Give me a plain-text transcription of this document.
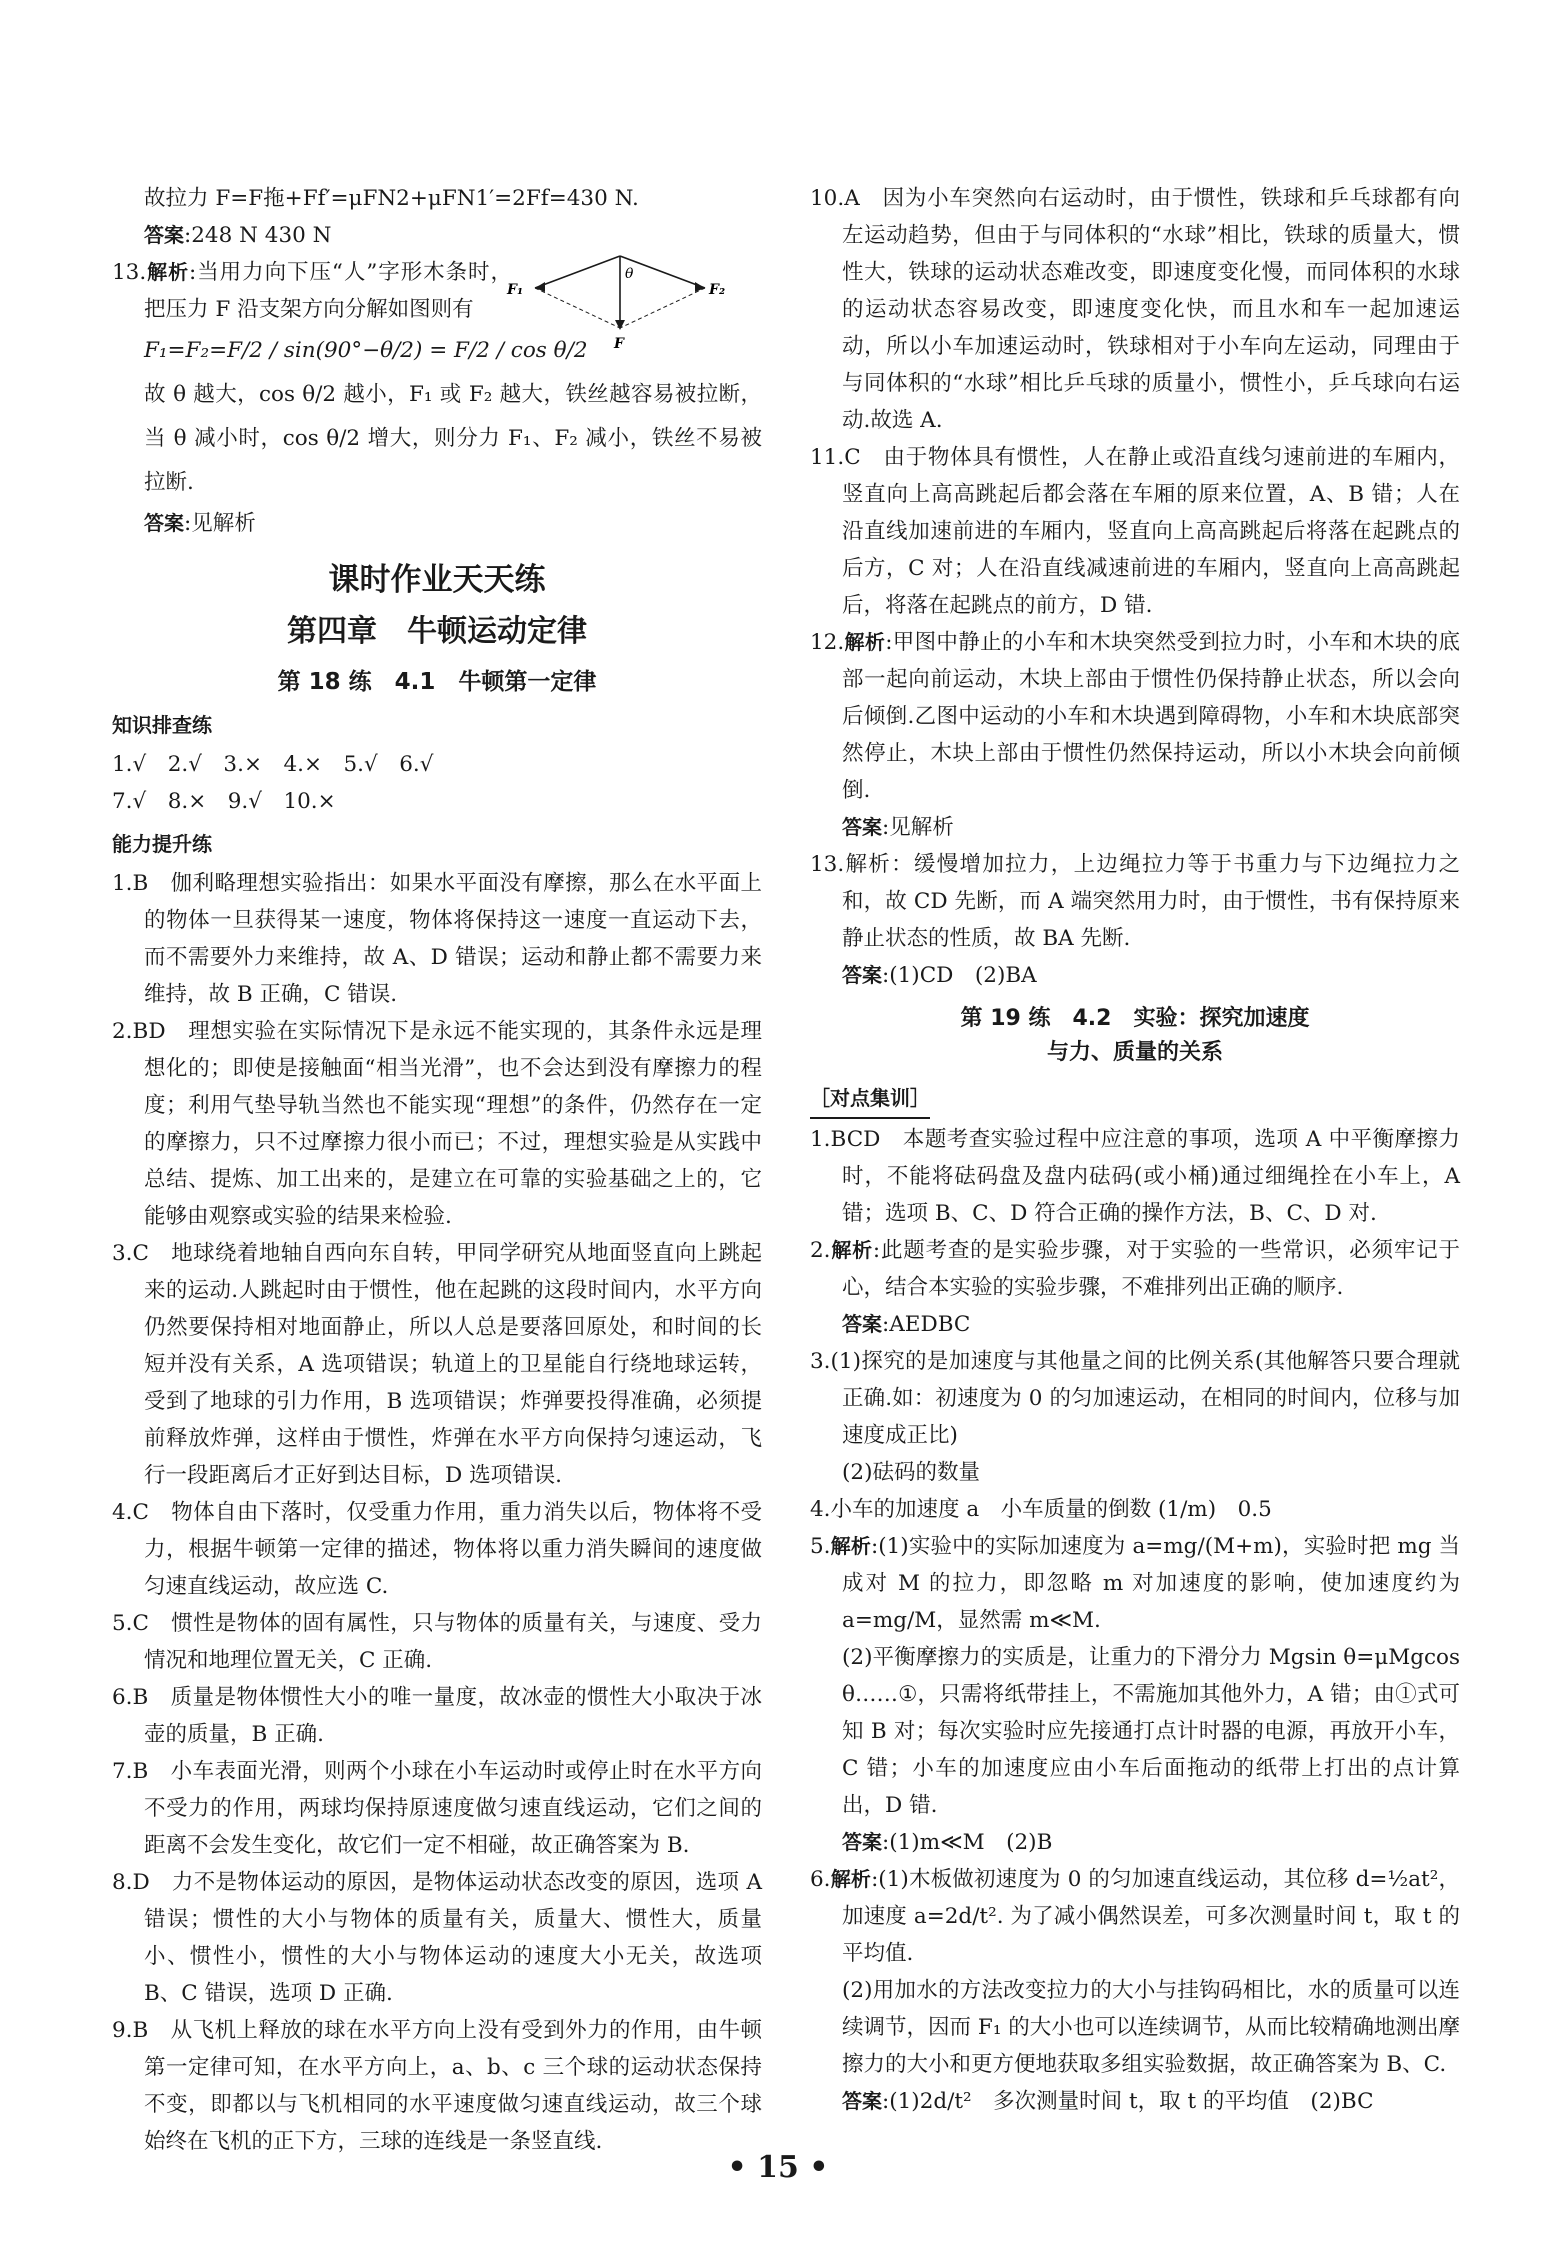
故拉力 F=F拖+Ff′=μFN2+μFN1′=2Ff=430 N.

答案:248 N 430 N

13.解析:当用力向下压“人”字形木条时，把压力 F 沿支架方向分解如图则有

F₁=F₂=F/2 / sin(90°−θ/2) = F/2 / cos θ/2

故 θ 越大，cos θ/2 越小，F₁ 或 F₂ 越大，铁丝越容易被拉断，当 θ 减小时，cos θ/2 增大，则分力 F₁、F₂ 减小，铁丝不易被拉断.

答案:见解析

课时作业天天练
第四章　牛顿运动定律
第 18 练　4.1　牛顿第一定律
知识排查练

1.√　2.√　3.×　4.×　5.√　6.√

7.√　8.×　9.√　10.×

能力提升练

1.B　伽利略理想实验指出：如果水平面没有摩擦，那么在水平面上的物体一旦获得某一速度，物体将保持这一速度一直运动下去，而不需要外力来维持，故 A、D 错误；运动和静止都不需要力来维持，故 B 正确，C 错误.

2.BD　理想实验在实际情况下是永远不能实现的，其条件永远是理想化的；即使是接触面“相当光滑”，也不会达到没有摩擦力的程度；利用气垫导轨当然也不能实现“理想”的条件，仍然存在一定的摩擦力，只不过摩擦力很小而已；不过，理想实验是从实践中总结、提炼、加工出来的，是建立在可靠的实验基础之上的，它能够由观察或实验的结果来检验.

3.C　地球绕着地轴自西向东自转，甲同学研究从地面竖直向上跳起来的运动.人跳起时由于惯性，他在起跳的这段时间内，水平方向仍然要保持相对地面静止，所以人总是要落回原处，和时间的长短并没有关系，A 选项错误；轨道上的卫星能自行绕地球运转，受到了地球的引力作用，B 选项错误；炸弹要投得准确，必须提前释放炸弹，这样由于惯性，炸弹在水平方向保持匀速运动，飞行一段距离后才正好到达目标，D 选项错误.

4.C　物体自由下落时，仅受重力作用，重力消失以后，物体将不受力，根据牛顿第一定律的描述，物体将以重力消失瞬间的速度做匀速直线运动，故应选 C.

5.C　惯性是物体的固有属性，只与物体的质量有关，与速度、受力情况和地理位置无关，C 正确.

6.B　质量是物体惯性大小的唯一量度，故冰壶的惯性大小取决于冰壶的质量，B 正确.

7.B　小车表面光滑，则两个小球在小车运动时或停止时在水平方向不受力的作用，两球均保持原速度做匀速直线运动，它们之间的距离不会发生变化，故它们一定不相碰，故正确答案为 B.

8.D　力不是物体运动的原因，是物体运动状态改变的原因，选项 A 错误；惯性的大小与物体的质量有关，质量大、惯性大，质量小、惯性小，惯性的大小与物体运动的速度大小无关，故选项 B、C 错误，选项 D 正确.

9.B　从飞机上释放的球在水平方向上没有受到外力的作用，由牛顿第一定律可知，在水平方向上，a、b、c 三个球的运动状态保持不变，即都以与飞机相同的水平速度做匀速直线运动，故三个球始终在飞机的正下方，三球的连线是一条竖直线.

θ
F₁	F₂
F

10.A　因为小车突然向右运动时，由于惯性，铁球和乒乓球都有向左运动趋势，但由于与同体积的“水球”相比，铁球的质量大，惯性大，铁球的运动状态难改变，即速度变化慢，而同体积的水球的运动状态容易改变，即速度变化快，而且水和车一起加速运动，所以小车加速运动时，铁球相对于小车向左运动，同理由于与同体积的“水球”相比乒乓球的质量小，惯性小，乒乓球向右运动.故选 A.

11.C　由于物体具有惯性，人在静止或沿直线匀速前进的车厢内，竖直向上高高跳起后都会落在车厢的原来位置，A、B 错；人在沿直线加速前进的车厢内，竖直向上高高跳起后将落在起跳点的后方，C 对；人在沿直线减速前进的车厢内，竖直向上高高跳起后，将落在起跳点的前方，D 错.

12.解析:甲图中静止的小车和木块突然受到拉力时，小车和木块的底部一起向前运动，木块上部由于惯性仍保持静止状态，所以会向后倾倒.乙图中运动的小车和木块遇到障碍物，小车和木块底部突然停止，木块上部由于惯性仍然保持运动，所以小木块会向前倾倒.

答案:见解析

13.解析：缓慢增加拉力，上边绳拉力等于书重力与下边绳拉力之和，故 CD 先断，而 A 端突然用力时，由于惯性，书有保持原来静止状态的性质，故 BA 先断.

答案:(1)CD　(2)BA

第 19 练　4.2　实验：探究加速度
与力、质量的关系
［对点集训］

1.BCD　本题考查实验过程中应注意的事项，选项 A 中平衡摩擦力时，不能将砝码盘及盘内砝码(或小桶)通过细绳拴在小车上，A 错；选项 B、C、D 符合正确的操作方法，B、C、D 对.

2.解析:此题考查的是实验步骤，对于实验的一些常识，必须牢记于心，结合本实验的实验步骤，不难排列出正确的顺序.

答案:AEDBC

3.(1)探究的是加速度与其他量之间的比例关系(其他解答只要合理就正确.如：初速度为 0 的匀加速运动，在相同的时间内，位移与加速度成正比)

(2)砝码的数量

4.小车的加速度 a　小车质量的倒数 (1/m)　0.5

5.解析:(1)实验中的实际加速度为 a=mg/(M+m)，实验时把 mg 当成对 M 的拉力，即忽略 m 对加速度的影响，使加速度约为 a=mg/M，显然需 m≪M.

(2)平衡摩擦力的实质是，让重力的下滑分力 Mgsin θ=μMgcos θ……①，只需将纸带挂上，不需施加其他外力，A 错；由①式可知 B 对；每次实验时应先接通打点计时器的电源，再放开小车，C 错；小车的加速度应由小车后面拖动的纸带上打出的点计算出，D 错.

答案:(1)m≪M　(2)B

6.解析:(1)木板做初速度为 0 的匀加速直线运动，其位移 d=½at²，加速度 a=2d/t². 为了减小偶然误差，可多次测量时间 t，取 t 的平均值.

(2)用加水的方法改变拉力的大小与挂钩码相比，水的质量可以连续调节，因而 F₁ 的大小也可以连续调节，从而比较精确地测出摩擦力的大小和更方便地获取多组实验数据，故正确答案为 B、C.

答案:(1)2d/t²　多次测量时间 t，取 t 的平均值　(2)BC

• 15 •
